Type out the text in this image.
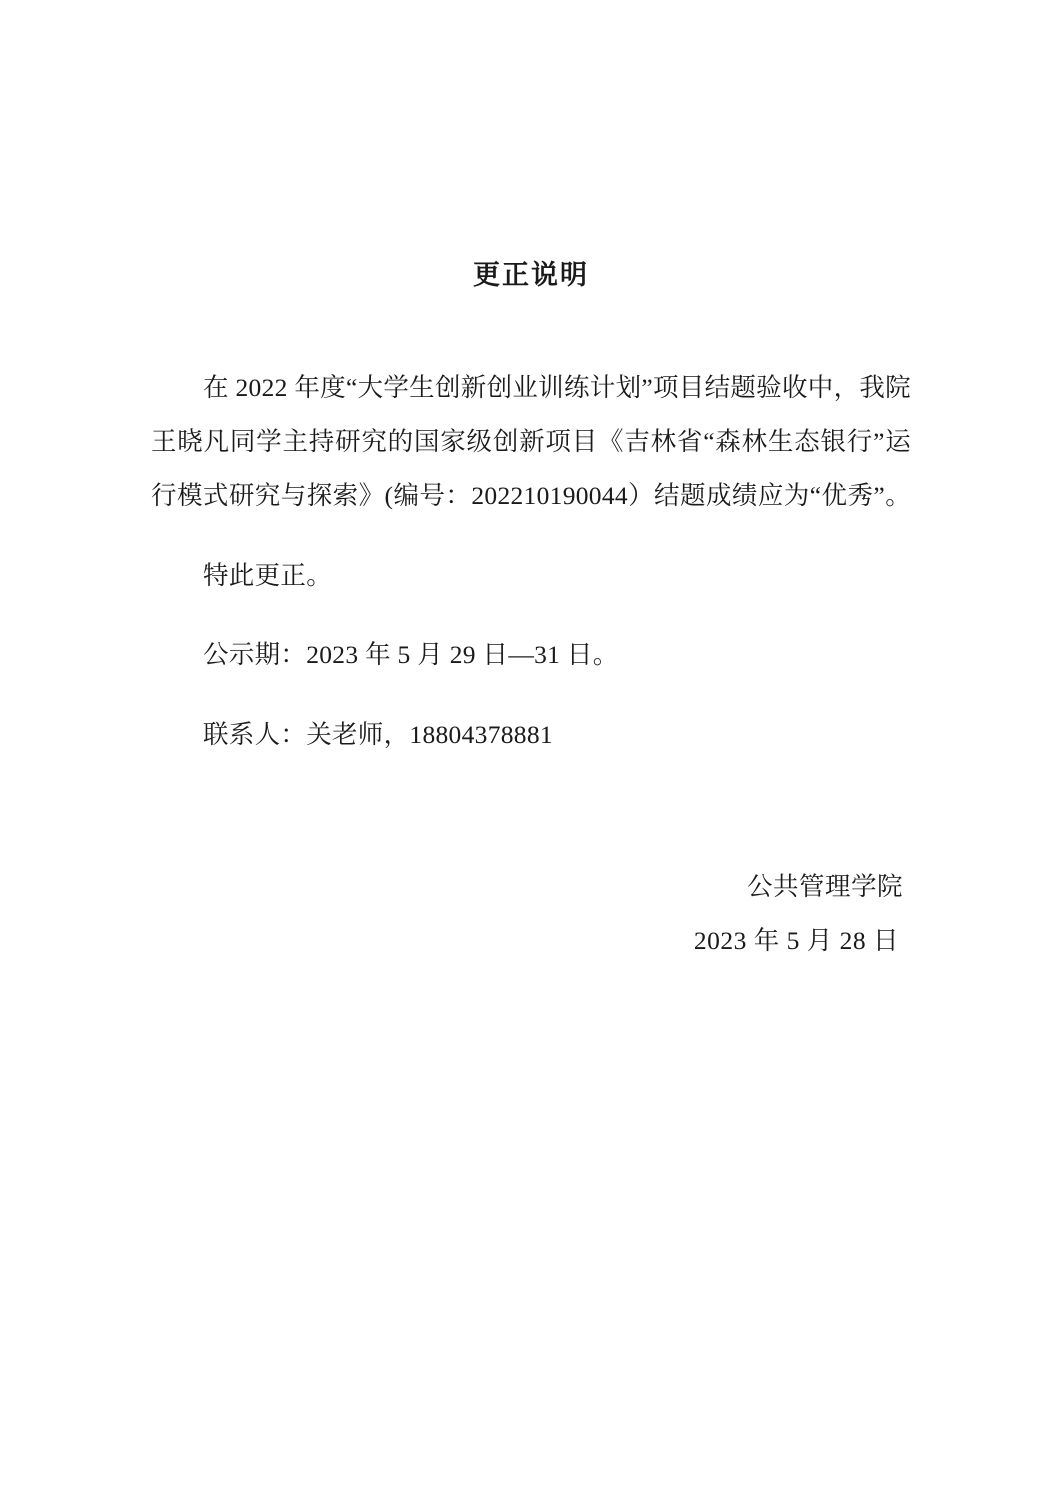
更正说明

在 2022 年度“大学生创新创业训练计划”项目结题验收中，我院王晓凡同学主持研究的国家级创新项目《吉林省“森林生态银行”运行模式研究与探索》(编号：202210190044）结题成绩应为“优秀”。

特此更正。

公示期：2023 年 5 月 29 日—31 日。

联系人：关老师，18804378881

公共管理学院
2023 年 5 月 28 日
